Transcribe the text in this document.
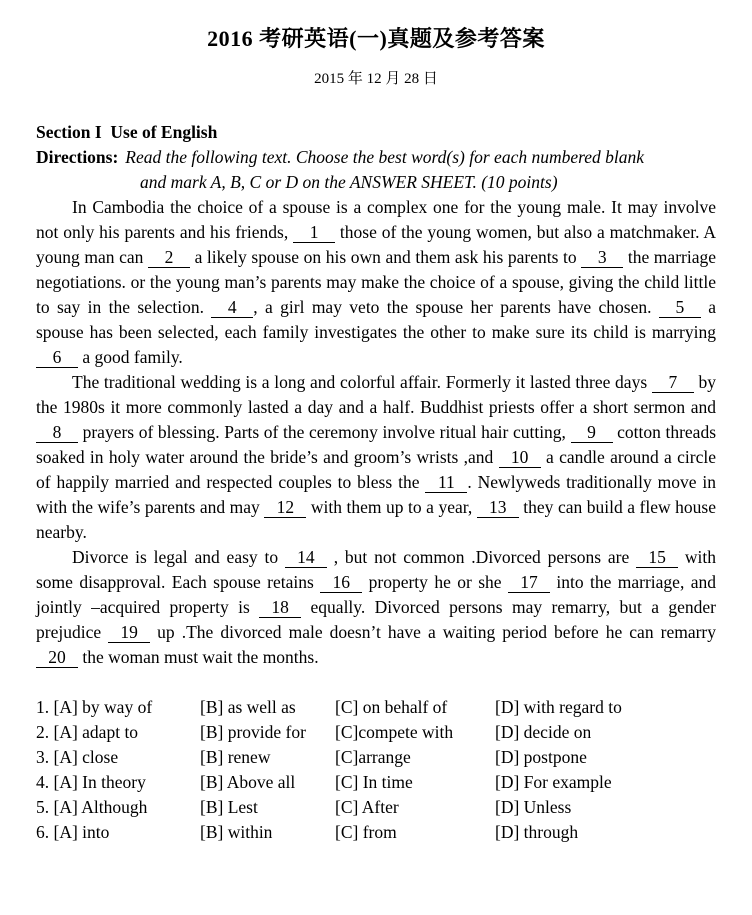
2016 考研英语(一)真题及参考答案
2015 年 12 月 28 日
Section I  Use of English
Directions: Read the following text. Choose the best word(s) for each numbered blank
and mark A, B, C or D on the ANSWER SHEET. (10 points)

In Cambodia the choice of a spouse is a complex one for the young male. It may involve not only his parents and his friends, 1 those of the young women, but also a matchmaker. A young man can 2 a likely spouse on his own and them ask his parents to 3 the marriage negotiations. or the young man’s parents may make the choice of a spouse, giving the child little to say in the selection. 4 , a girl may veto the spouse her parents have chosen. 5 a spouse has been selected, each family investigates the other to make sure its child is marrying 6 a good family.

The traditional wedding is a long and colorful affair. Formerly it lasted three days 7 by the 1980s it more commonly lasted a day and a half. Buddhist priests offer a short sermon and 8 prayers of blessing. Parts of the ceremony involve ritual hair cutting, 9 cotton threads soaked in holy water around the bride’s and groom’s wrists ,and 10 a candle around a circle of happily married and respected couples to bless the 11 . Newlyweds traditionally move in with the wife’s parents and may 12 with them up to a year, 13 they can build a flew house nearby.

Divorce is legal and easy to 14 , but not common .Divorced persons are 15 with some disapproval. Each spouse retains 16 property he or she 17 into the marriage, and jointly –acquired property is 18 equally. Divorced persons may remarry, but a gender prejudice 19 up .The divorced male doesn’t have a waiting period before he can remarry 20 the woman must wait the months.

1. [A] by way of	[B] as well as	[C] on behalf of	[D] with regard to
2. [A] adapt to	[B] provide for	[C]compete with	[D] decide on
3. [A] close	[B] renew	[C]arrange	[D] postpone
4. [A] In theory	[B] Above all	[C] In time	[D] For example
5. [A] Although	[B] Lest	[C] After	[D] Unless
6. [A] into	[B] within	[C] from	[D] through
